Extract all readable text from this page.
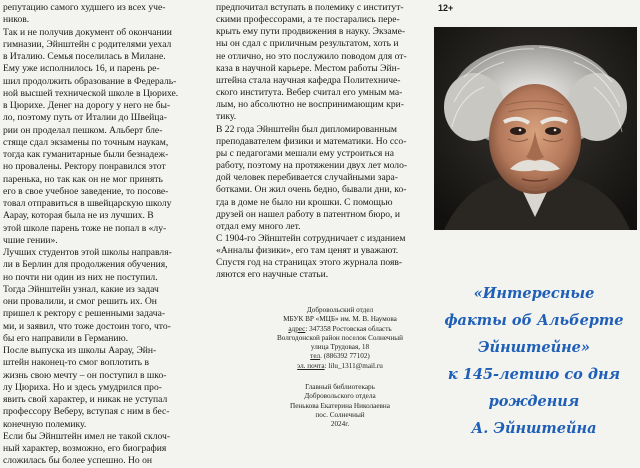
репутацию самого худшего из всех уче-
ников.
Так и не получив документ об окончании
гимназии, Эйнштейн с родителями уехал
в Италию. Семья поселилась в Милане.
Ему уже исполнилось 16, и парень ре-
шил продолжить образование в Федераль-
ной высшей технической школе в Цюрихе.
в Цюрихе. Денег на дорогу у него не бы-
ло, поэтому путь от Италии до Швейца-
рии он проделал пешком. Альберт бле-
стяще сдал экзамены по точным наукам,
тогда как гуманитарные были безнадеж-
но провалены. Ректору понравился этот
паренька, но так как он не мог принять
его в свое учебное заведение, то посове-
товал отправиться в швейцарскую школу
Аарау, которая была не из лучших. В
этой школе парень тоже не попал в «лу-
чшие гении».
Лучших студентов этой школы направля-
ли в Берлин для продолжения обучения,
но почти ни один из них не поступил.
Тогда Эйнштейн узнал, какие из задач
они провалили, и смог решить их. Он
пришел к ректору с решенными задача-
ми, и заявил, что тоже достоин того, что-
бы его направили в Германию.
После выпуска из школы Аарау, Эйн-
штейн наконец-то смог воплотить в
жизнь свою мечту – он поступил в шко-
лу Цюриха. Но и здесь умудрился про-
явить свой характер, и никак не уступал
профессору Веберу, вступая с ним в бес-
конечную полемику.
Если бы Эйнштейн имел не такой склоч-
ный характер, возможно, его биография
сложилась бы более успешно. Но он
предпочитал вступать в полемику с институт-
скими профессорами, а те постарались пере-
крыть ему пути продвижения в науку. Экзаме-
ны он сдал с приличным результатом, хоть и
не отлично, но это послужило поводом для от-
каза в научной карьере. Местом работы Эйн-
штейна стала научная кафедра Политехниче-
ского института. Вебер считал его умным ма-
лым, но абсолютно не воспринимающим кри-
тику.
В 22 года Эйнштейн был дипломированным
преподавателем физики и математики. Но ссо-
ры с педагогами мешали ему устроиться на
работу, поэтому на протяжении двух лет моло-
дой человек перебивается случайными зара-
ботками. Он жил очень бедно, бывали дни, ко-
гда в доме не было ни крошки. С помощью
друзей он нашел работу в патентном бюро, и
отдал ему много лет.
С 1904-го Эйнштейн сотрудничает с изданием
«Анналы физики», его там ценят и уважают.
Спустя год на страницах этого журнала появ-
ляются его научные статьи.
Добровольский отдел
МБУК ВР «МЦБ» им. М. В. Наумова
адрес: 347358 Ростовская область
Волгодонской район поселок Солнечный
улица Трудовая, 18
тел. (886392 77102)
эл. почта: lilu_1311@mail.ru
Главный библиотекарь
Добровольского отдела
Пенькова Екатерина Николаевна
пос. Солнечный
2024г.
12+
«Интересные
факты об Альберте
Эйнштейне»
к 145-летию со дня
рождения
А. Эйнштейна
